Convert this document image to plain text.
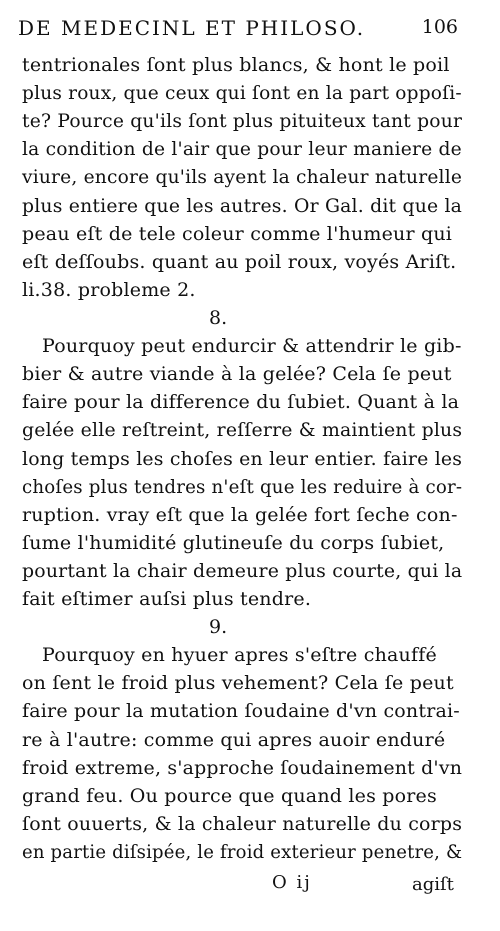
DE MEDECINL ET PHILOSO.	106
tentrionales ſont plus blancs, & hont le poil
plus roux, que ceux qui ſont en la part oppoſi-
te? Pource qu'ils ſont plus pituiteux tant pour
la condition de l'air que pour leur maniere de
viure, encore qu'ils ayent la chaleur naturelle
plus entiere que les autres. Or Gal. dit que la
peau eſt de tele coleur comme l'humeur qui
eſt deſſoubs. quant au poil roux, voyés Ariſt.
li.38. probleme 2.
8.
Pourquoy peut endurcir & attendrir le gib-
bier & autre viande à la gelée? Cela ſe peut
faire pour la difference du ſubiet. Quant à la
gelée elle reſtreint, reſſerre & maintient plus
long temps les choſes en leur entier. faire les
choſes plus tendres n'eſt que les reduire à cor-
ruption. vray eſt que la gelée fort ſeche con-
ſume l'humidité glutineuſe du corps ſubiet,
pourtant la chair demeure plus courte, qui la
fait eſtimer auſsi plus tendre.
9.
Pourquoy en hyuer apres s'eſtre chauffé
on ſent le froid plus vehement? Cela ſe peut
faire pour la mutation ſoudaine d'vn contrai-
re à l'autre: comme qui apres auoir enduré
froid extreme, s'approche ſoudainement d'vn
grand feu. Ou pource que quand les pores
ſont ouuerts, & la chaleur naturelle du corps
en partie diſsipée, le froid exterieur penetre, &
O ij	agiſt
